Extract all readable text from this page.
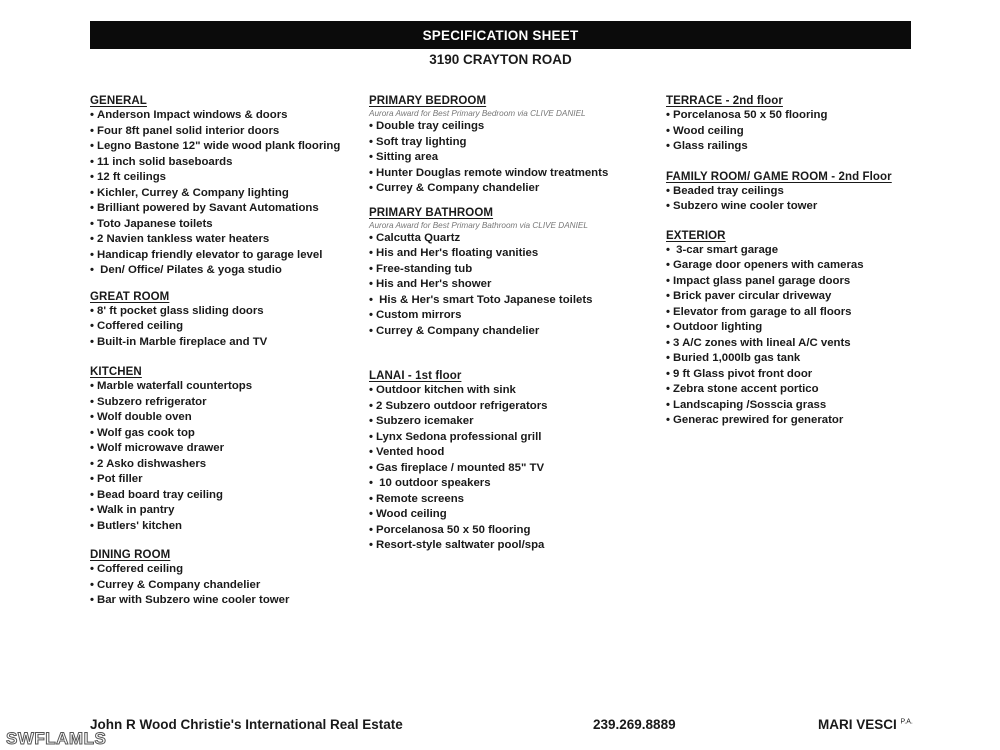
SPECIFICATION SHEET
3190 CRAYTON ROAD
GENERAL
• Anderson Impact windows & doors
• Four 8ft panel solid interior doors
• Legno Bastone 12" wide wood plank flooring
• 11 inch solid baseboards
• 12 ft ceilings
• Kichler, Currey & Company lighting
• Brilliant powered by Savant Automations
• Toto Japanese toilets
• 2 Navien tankless water heaters
• Handicap friendly elevator to garage level
• Den/ Office/ Pilates & yoga studio
GREAT ROOM
• 8' ft pocket glass sliding doors
• Coffered ceiling
• Built-in Marble fireplace and TV
KITCHEN
• Marble waterfall countertops
• Subzero refrigerator
• Wolf double oven
• Wolf gas cook top
• Wolf microwave drawer
• 2 Asko dishwashers
• Pot filler
• Bead board tray ceiling
• Walk in pantry
• Butlers' kitchen
DINING ROOM
• Coffered ceiling
• Currey & Company chandelier
• Bar with Subzero wine cooler tower
PRIMARY BEDROOM
Aurora Award for Best Primary Bedroom via CLIVE DANIEL
• Double tray ceilings
• Soft tray lighting
• Sitting area
• Hunter Douglas remote window treatments
• Currey & Company chandelier
PRIMARY BATHROOM
Aurora Award for Best Primary Bathroom via CLIVE DANIEL
• Calcutta Quartz
• His and Her's floating vanities
• Free-standing tub
• His and Her's shower
• His & Her's smart Toto Japanese toilets
• Custom mirrors
• Currey & Company chandelier
LANAI - 1st floor
• Outdoor kitchen with sink
• 2 Subzero outdoor refrigerators
• Subzero icemaker
• Lynx Sedona professional grill
• Vented hood
• Gas fireplace / mounted 85" TV
• 10 outdoor speakers
• Remote screens
• Wood ceiling
• Porcelanosa 50 x 50 flooring
• Resort-style saltwater pool/spa
TERRACE - 2nd floor
• Porcelanosa 50 x 50 flooring
• Wood ceiling
• Glass railings
FAMILY ROOM/ GAME ROOM - 2nd Floor
• Beaded tray ceilings
• Subzero wine cooler tower
EXTERIOR
• 3-car smart garage
• Garage door openers with cameras
• Impact glass panel garage doors
• Brick paver circular driveway
• Elevator from garage to all floors
• Outdoor lighting
• 3 A/C zones with lineal A/C vents
• Buried 1,000lb gas tank
• 9 ft Glass pivot front door
• Zebra stone accent portico
• Landscaping /Sosscia grass
• Generac prewired for generator
John R Wood Christie's International Real Estate	239.269.8889	MARI VESCI $^{P.A.}$
SWFLAMLS
